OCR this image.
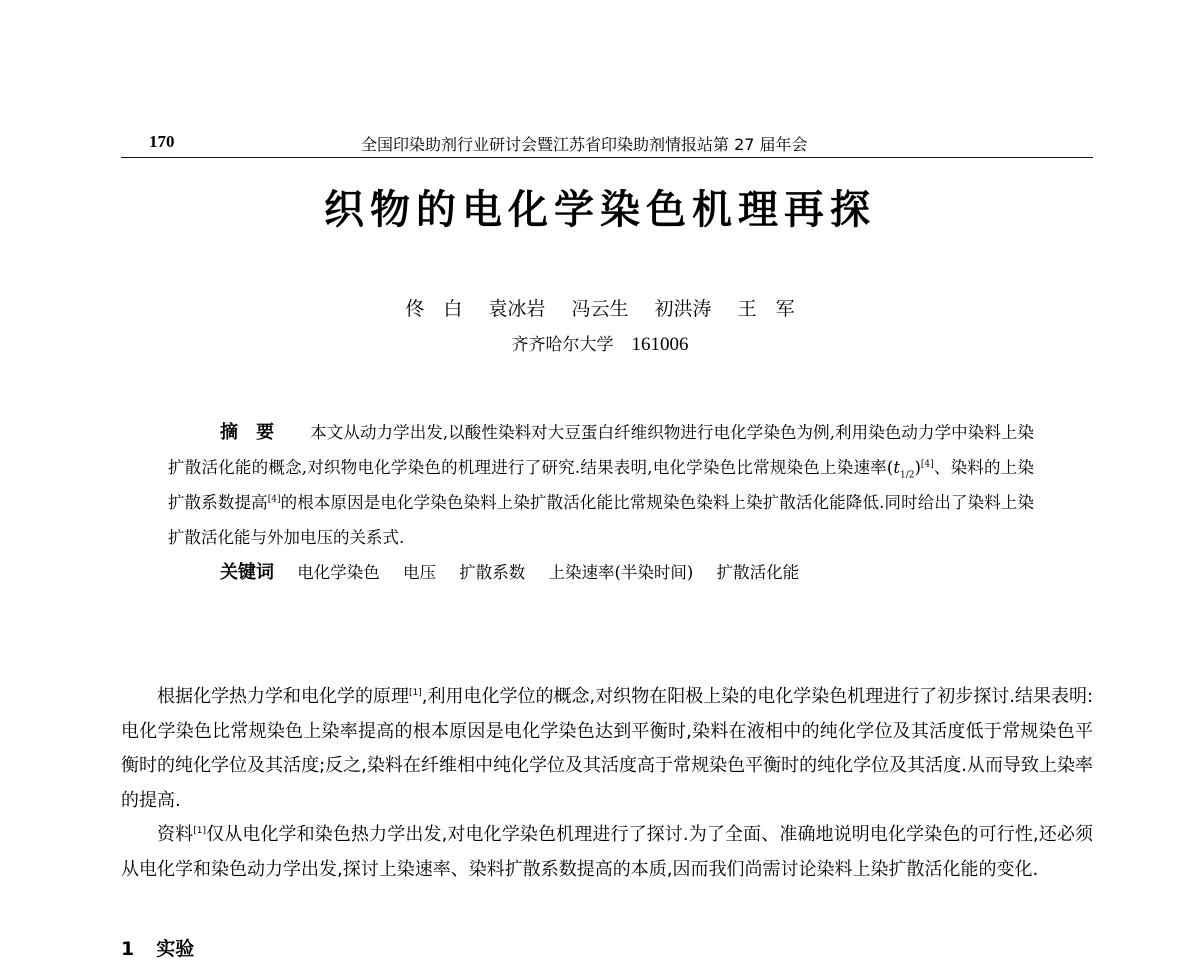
170	全国印染助剂行业研讨会暨江苏省印染助剂情报站第 27 届年会
织物的电化学染色机理再探
佟　白 袁冰岩 冯云生 初洪涛 王　军
齐齐哈尔大学 161006

摘要 本文从动力学出发,以酸性染料对大豆蛋白纤维织物进行电化学染色为例,利用染色动力学中染料上染扩散活化能的概念,对织物电化学染色的机理进行了研究.结果表明,电化学染色比常规染色上染速率$(t_{1/2})[4]$、染料的上染扩散系数提高[4]的根本原因是电化学染色染料上染扩散活化能比常规染色染料上染扩散活化能降低.同时给出了染料上染扩散活化能与外加电压的关系式.

关键词 电化学染色 电压 扩散系数 上染速率(半染时间) 扩散活化能

根据化学热力学和电化学的原理[1],利用电化学位的概念,对织物在阳极上染的电化学染色机理进行了初步探讨.结果表明:电化学染色比常规染色上染率提高的根本原因是电化学染色达到平衡时,染料在液相中的纯化学位及其活度低于常规染色平衡时的纯化学位及其活度;反之,染料在纤维相中纯化学位及其活度高于常规染色平衡时的纯化学位及其活度.从而导致上染率的提高.

资料[1]仅从电化学和染色热力学出发,对电化学染色机理进行了探讨.为了全面、准确地说明电化学染色的可行性,还必须从电化学和染色动力学出发,探讨上染速率、染料扩散系数提高的本质,因而我们尚需讨论染料上染扩散活化能的变化.

1 实验
